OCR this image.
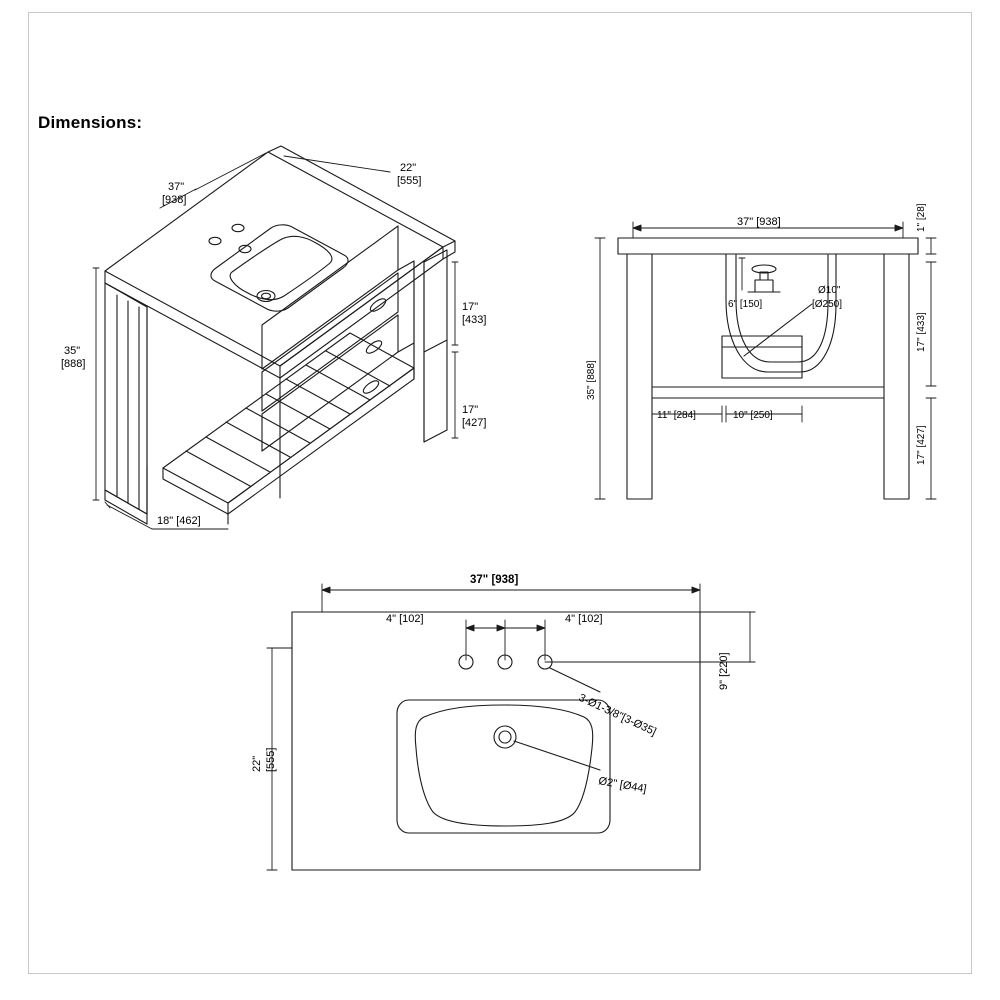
Dimensions:
37"
[938]
22"
[555]
35"
[888]
17"
[433]
17"
[427]
18" [462]
37" [938]	1" [28]
17" [433]
17" [427]
35" [888]
6" [150]
Ø10"
[Ø250]
11" [284]	10" [250]
37" [938]
4" [102]	4" [102]
9" [220]
22" [555]
3-Ø1-3/8"[3-Ø35]
Ø2" [Ø44]
